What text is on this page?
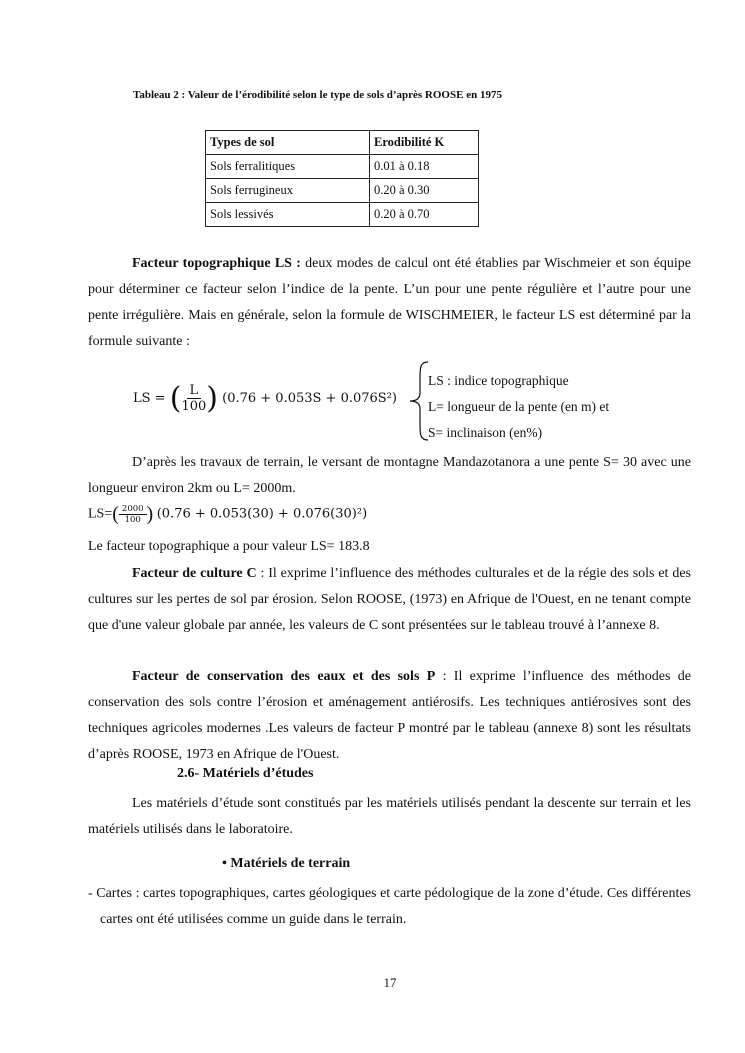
Tableau 2 : Valeur de l’érodibilité selon le type de sols d’après ROOSE en 1975
Types de sol	Erodibilité K
Sols ferralitiques	0.01 à 0.18
Sols ferrugineux	0.20 à 0.30
Sols lessivés	0.20 à 0.70
Facteur topographique LS : deux modes de calcul ont été établies par Wischmeier et son équipe pour déterminer ce facteur selon l’indice de la pente. L’un pour une pente régulière et l’autre pour une pente irrégulière. Mais en générale, selon la formule de WISCHMEIER, le facteur LS est déterminé par la formule suivante :
LS = ( $\frac{L}{100}$ ) (0.76 + 0.053S + 0.076S²)
LS : indice topographique
L= longueur de la pente (en m) et
S= inclinaison (en%)
D’après les travaux de terrain, le versant de montagne Mandazotanora a une pente S= 30 avec une longueur environ 2km ou L= 2000m.
$LS=( \frac{2000}{100}$ ) (0.76 + 0.053(30) + 0.076(30)²)
Le facteur topographique a pour valeur LS= 183.8
Facteur de culture C : Il exprime l’influence des méthodes culturales et de la régie des sols et des cultures sur les pertes de sol par érosion. Selon ROOSE, (1973) en Afrique de l'Ouest, en ne tenant compte que d'une valeur globale par année, les valeurs de C sont présentées sur le tableau trouvé à l’annexe 8.
Facteur de conservation des eaux et des sols P : Il exprime l’influence des méthodes de conservation des sols contre l’érosion et aménagement antiérosifs. Les techniques antiérosives sont des techniques agricoles modernes .Les valeurs de facteur P montré par le tableau (annexe 8) sont les résultats d’après ROOSE, 1973 en Afrique de l'Ouest.
2.6- Matériels d’études
Les matériels d’étude sont constitués par les matériels utilisés pendant la descente sur terrain et les matériels utilisés dans le laboratoire.
• Matériels de terrain
- Cartes : cartes topographiques, cartes géologiques et carte pédologique de la zone d’étude. Ces différentes cartes ont été utilisées comme un guide dans le terrain.
17
